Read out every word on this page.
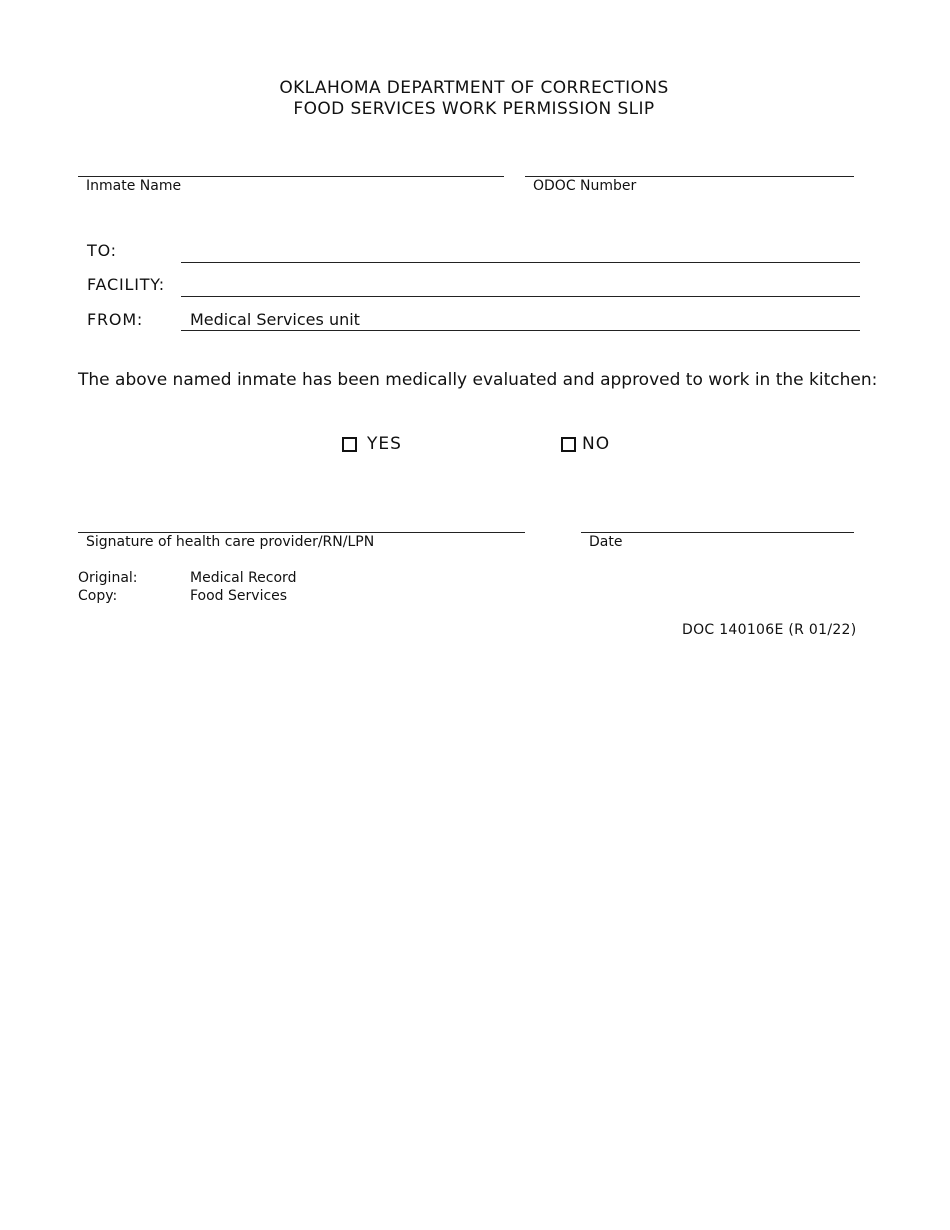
OKLAHOMA DEPARTMENT OF CORRECTIONS
FOOD SERVICES WORK PERMISSION SLIP
Inmate Name	ODOC Number
TO:
FACILITY:
FROM:	Medical Services unit
The above named inmate has been medically evaluated and approved to work in the kitchen:
YES	NO
Signature of health care provider/RN/LPN	Date
Original:	Medical Record
Copy:	Food Services
DOC 140106E (R 01/22)
